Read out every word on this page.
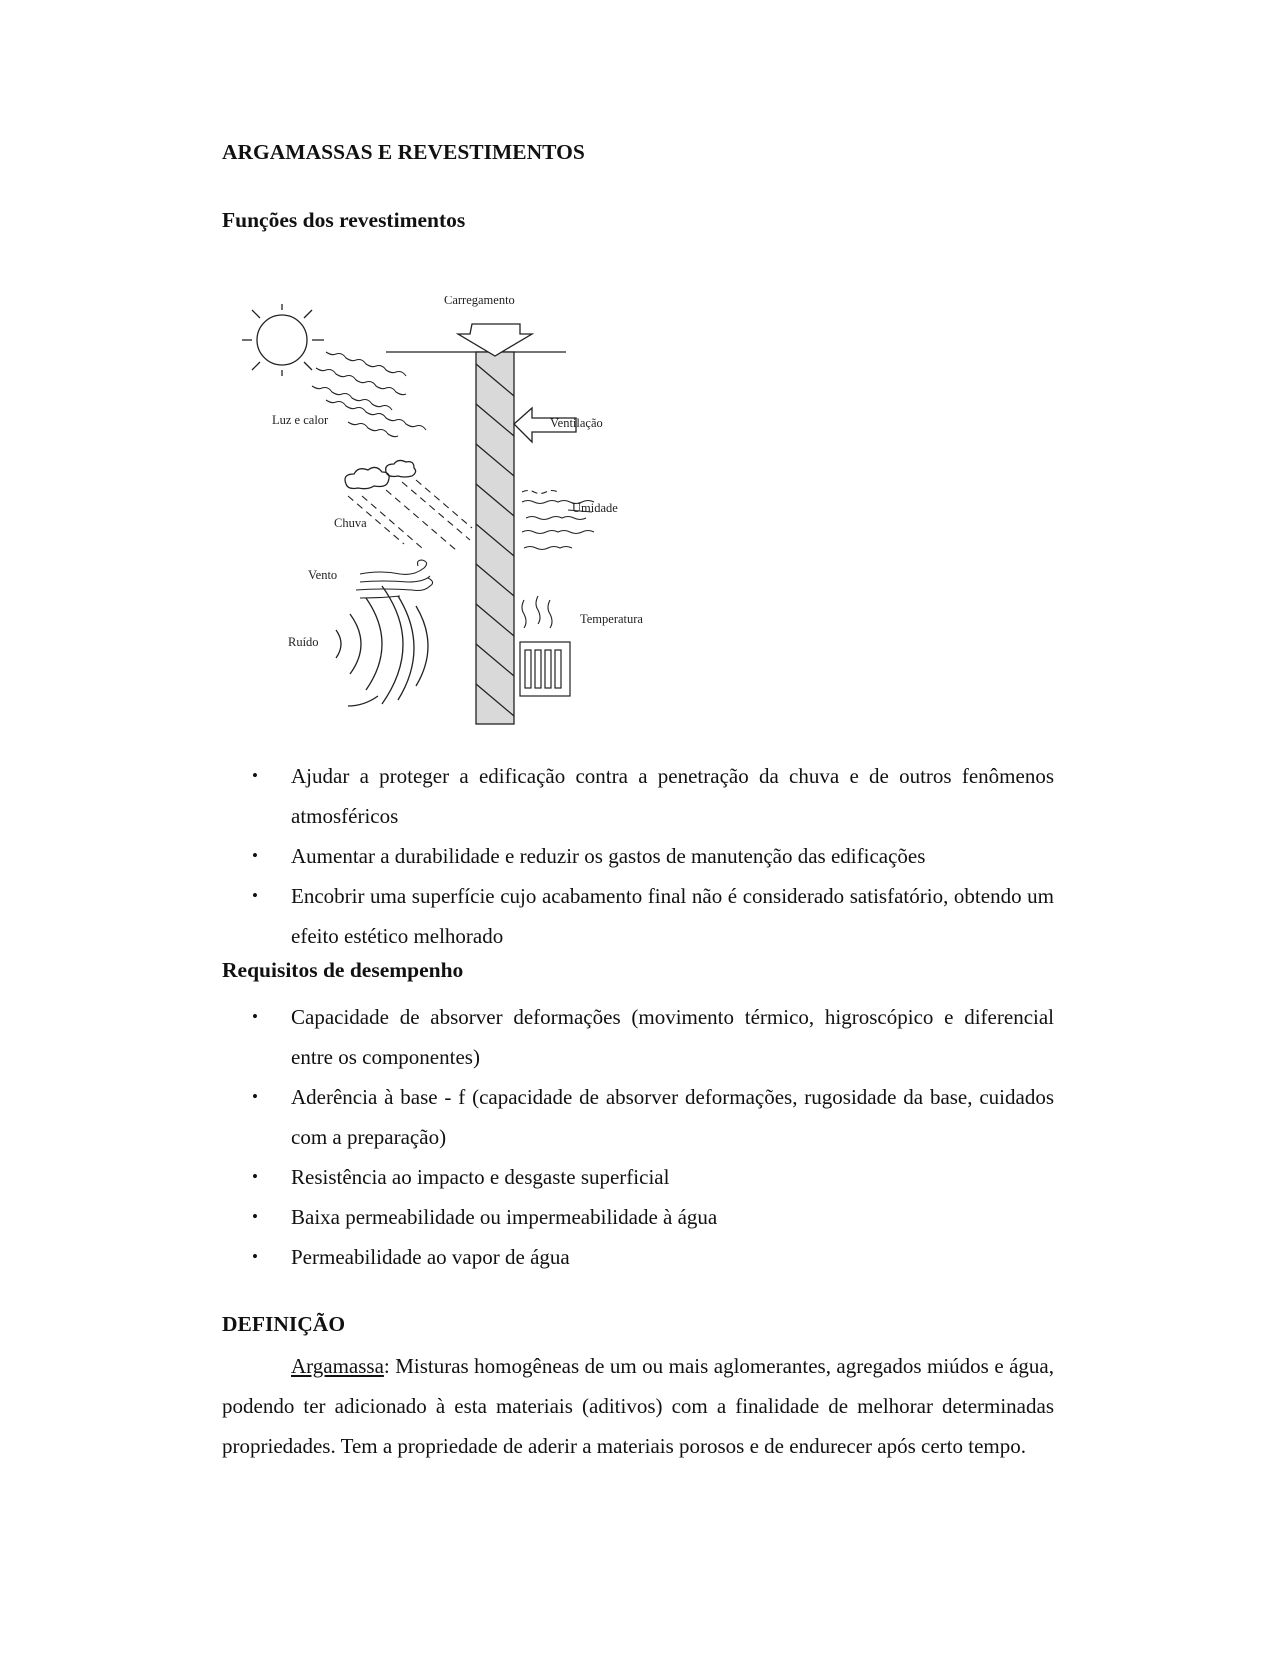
ARGAMASSAS E REVESTIMENTOS
Funções dos revestimentos
Carregamento
Luz e calor	Ventilação
Umidade
Chuva
Vento
Ruído
Temperatura
• Ajudar a proteger a edificação contra a penetração da chuva e de outros fenômenos atmosféricos
• Aumentar a durabilidade e reduzir os gastos de manutenção das edificações
• Encobrir uma superfície cujo acabamento final não é considerado satisfatório, obtendo um efeito estético melhorado
Requisitos de desempenho
• Capacidade de absorver deformações (movimento térmico, higroscópico e diferencial entre os componentes)
• Aderência à base - f (capacidade de absorver deformações, rugosidade da base, cuidados com a preparação)
• Resistência ao impacto e desgaste superficial
• Baixa permeabilidade ou impermeabilidade à água
• Permeabilidade ao vapor de água
DEFINIÇÃO

Argamassa: Misturas homogêneas de um ou mais aglomerantes, agregados miúdos e água, podendo ter adicionado à esta materiais (aditivos) com a finalidade de melhorar determinadas propriedades. Tem a propriedade de aderir a materiais porosos e de endurecer após certo tempo.
